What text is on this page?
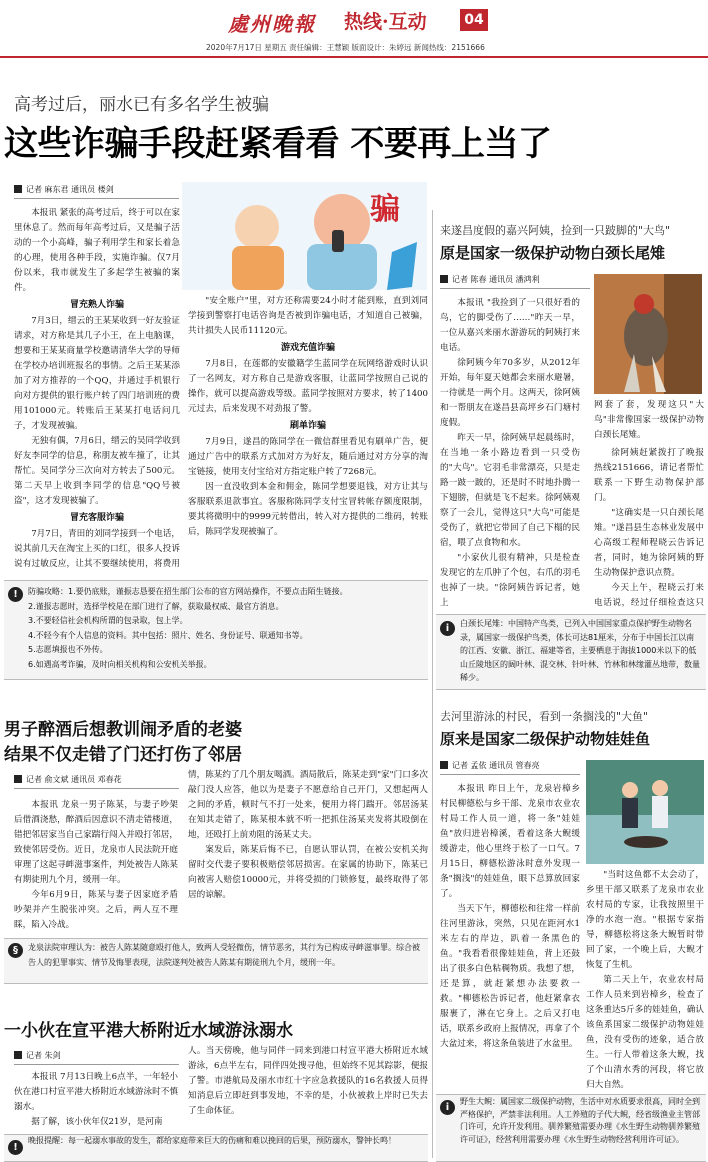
處州晚報 热线·互动	04
2020年7月17日 星期五 责任编辑：王慧颖 版面设计：朱婷远 新闻热线：2151666
高考过后，丽水已有多名学生被骗
这些诈骗手段赶紧看看 不要再上当了
记者 麻东君 通讯员 楼剑
骗

本报讯 紧张的高考过后，终于可以在家里休息了。然而每年高考过后，又是骗子活动的一个小高峰，骗子利用学生和家长着急的心理，使用各种手段，实施诈骗。仅7月份以来，我市就发生了多起学生被骗的案件。

冒充熟人诈骗

7月3日，缙云的王某某收到一好友验证请求，对方称是其几子小王，在上电脑课，想要和王某某商量学校邀请清华大学的导师在学校办培训班报名的事情。之后王某某添加了对方推荐的一个QQ，并通过手机银行向对方提供的银行账户转了四门培训班的费用101000元。转账后王某某打电话问几子，才发现被骗。

无独有偶，7月6日，缙云的吴同学收到好友李同学的信息，称朋友被车撞了，让其帮忙。吴同学分三次向对方转去了500元。第二天早上收到李同学的信息"QQ号被盗"，这才发现被骗了。

冒充客服诈骗

7月7日，青田的刘同学接到一个电话，说其前几天在淘宝上买的口红，很多人投诉说有过敏反应，让其不要继续使用，将费用

"安全账户"里，对方还称需要24小时才能到账，直到刘同学接到警察打电话咨询是否被到诈骗电话，才知道自己被骗，共计损失人民币11120元。

游戏充值诈骗

7月8日，在莲都的安徽籍学生蓝同学在玩网络游戏时认识了一名网友，对方称自己是游戏客服，让蓝同学按照自己说的操作，就可以提高游戏等级。蓝同学按照对方要求，转了1400元过去，后来发现不对劲报了警。

刷单诈骗

7月9日，遂昌的陈同学在一微信群里看见有刷单广告，便通过广告中的联系方式加对方为好友，随后通过对方分享的淘宝链接，使用支付宝给对方指定账户转了7268元。

因一直没收到本金和佣金，陈同学想要退钱，对方让其与客服联系退款事宜。客服称陈同学支付宝冒转帐存额度限制，要其将微明中的9999元转借出，转入对方提供的二维码，转账后，陈同学发现被骗了。

!	防骗攻略：1.要仍底账，谨振志恳要在招生部门公布的官方网站操作，不要点击陌生链接。
2.谨报志愿时，选择学校是在部门进行了解，获取最权威、最官方消息。
3.不要轻信社会机构所谓的包录取，包上学。
4.不轻今有个人信息的资料。其中包括：照片、姓名、身份证号、联通知书等。
5.志愿填报也不外传。
6.如遇高考诈骗，及时向相关机构和公安机关举报。
男子醉酒后想教训闹矛盾的老婆
结果不仅走错了门还打伤了邻居
记者 俞文斌 通讯员 邓春花

本报讯 龙泉一男子陈某，与妻子吵架后借酒浇愁，醉酒后因意识不清走错楼道，错把邻居家当自己家踹行闯入并殴打邻居，致使邻居受伤。近日，龙泉市人民法院开庭审理了这起寻衅滋事案件，判处被告人陈某有期徒刑九个月，缓刑一年。

今年6月9日，陈某与妻子因家庭矛盾吵架并产生脱张冲突。之后，两人互不理睬，陷入冷战。

情，陈某约了几个朋友喝酒。酒局散后，陈某走到"家"门口多次敲门没人应答，他以为是妻子不愿意给自己开门，又想起两人之间的矛盾，顿时气不打一处来，便用力将门踹开。邻居汤某在知其走错了，陈某根本就不听一把抓住汤某夹发将其殴倒在地，还殴打上前劝阻的汤某丈夫。

案发后，陈某后悔不已，自愿认罪认罚，在被公安机关拘留时交代妻子要积极赔偿邻居损害。在家属的协助下，陈某已向被害人赔偿10000元，并将受损的门锁修复，最终取得了邻居的谅解。

§	龙泉法院审理认为：被告人陈某随意殴打他人，致两人受轻微伤，情节恶劣，其行为已构成寻衅滋事罪。综合被告人的犯罪事实、情节及悔罪表现，法院遂判处被告人陈某有期徒刑九个月，缓刑一年。
一小伙在宣平港大桥附近水域游泳溺水
记者 朱剑

本报讯 7月13日晚上6点半，一年轻小伙在港口村宣平港大桥附近水域游泳时不慎溺水。

据了解，该小伙年仅21岁，是河南

人。当天傍晚，他与同伴一同来到港口村宣平港大桥附近水域游泳，6点半左右，同伴四处搜寻他，但始终不见其踪影，便报了警。市港航局及丽水市红十字应急救援队的16名救援人员得知消息后立即赶到事发地，不幸的是，小伙被救上岸时已失去了生命体征。

!
晚报提醒：每一起溺水事故的发生，都给家庭带来巨大的伤痛和难以挽回的后果，预防溺水，警钟长鸣！
来遂昌度假的嘉兴阿姨，捡到一只跛脚的"大鸟"
原是国家一级保护动物白颈长尾雉
记者 陈春 通讯员 潘鸿利

本报讯 "我捡到了一只很好看的鸟，它的脚受伤了……"昨天一早，一位从嘉兴来丽水游游玩的阿姨打来电话。

徐阿姨今年70多岁，从2012年开始，每年夏天她都会来丽水避暑，一待就是一两个月。这两天，徐阿姨和一帮朋友在遂昌县高坪乡石门塘村度假。

昨天一早，徐阿姨早起晨练时，在当地一条小路边看到一只受伤的"大鸟"。它羽毛非常漂亮，只是走路一跛一跛的，还是时不时地扑腾一下翅膀，但就是飞不起来。徐阿姨观察了一会儿，觉得这只"大鸟"可能是受伤了，就把它带回了自己下榻的民宿，喂了点食物和水。

"小家伙儿很有精神，只是检查发现它的左爪肿了个包，右爪的羽毛也掉了一块。"徐阿姨告诉记者，她上

网套了套，发现这只"大鸟"非常像国家一级保护动物白颈长尾雉。

徐阿姨赶紧拨打了晚报热线2151666，请记者帮忙联系一下野生动物保护部门。

"这确实是一只白颈长尾雉。"遂昌县生态林业发展中心高级工程师程晓云告诉记者，同时，她为徐阿姨的野生动物保护意识点赞。

今天上午，程晓云打来电话说，经过仔细检查这只

i	白颈长尾雉：中国特产鸟类，已列入中国国家重点保护野生动物名录，属国家一级保护鸟类，体长可达81厘米，分布于中国长江以南的江西、安徽、浙江、福建等省，主要栖息于海拔1000米以下的低山丘陵地区的阔叶林、混交林、针叶林、竹林和林缘灌丛地带，数量稀少。
去河里游泳的村民，看到一条搁浅的"大鱼"
原来是国家二级保护动物娃娃鱼
记者 孟依 通讯员 管春亮

本报讯 昨日上午，龙泉岩樟乡村民柳德松与乡干部、龙泉市农业农村局工作人员一道，将一条"娃娃鱼"放归进岩樟溪，看着这条大鲵缓缓游走，他心里终于松了一口气。7月15日，柳德松游泳时意外发现一条"搁浅"的娃娃鱼，眼下总算放回家了。

当天下午，柳德松和往常一样前往河里游泳，突然，只见在距河水1米左右的岸边，趴着一条黑色的鱼。"我看看很像娃娃鱼，背上还鼓出了很多白色粘稠物质。我想了想，还是算，就赶紧想办法要救一救。"柳德松告诉记者，他赶紧拿衣服裹了，淋在它身上。之后又打电话，联系乡政府上报情况，再拿了个大盆过来，将这条鱼装进了水盆里。

"当时这鱼都不太会动了，乡里干部又联系了龙泉市农业农村局的专家，让我按照里干净的水泡一泡。"根据专家指导，柳德松将这条大鲵暂时带回了家，一个晚上后，大鲵才恢复了生机。

第二天上午，农业农村局工作人员来到岩樟乡，检查了这条重达5斤多的娃娃鱼，确认该鱼系国家二级保护动物娃娃鱼，没有受伤的迹象，适合放生。一行人带着这条大鲵，找了个山清水秀的河段，将它放归大自然。

i
野生大鲵：属国家二级保护动物，生活中对水质要求很高，同时全到严格保护，严禁非法利用。人工养殖的子代大鲵，经省级渔业主管部门许可，允许开发利用。驯养繁殖需要办理《水生野生动物驯养繁殖许可证》，经营利用需要办理《水生野生动物经营利用许可证》。
